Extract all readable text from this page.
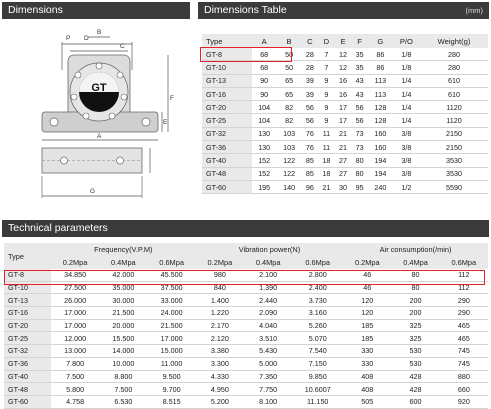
Dimensions	Dimensions Table	(mm)
Technical parameters
GT
P D
B
C
E
F
A
G
Type	A	B	C	D	E	F	G	P/O	Weight(g)
GT-8	68	50	28	7	12	35	86	1/8	280
GT-10	68	50	28	7	12	35	86	1/8	280
GT-13	90	65	39	9	16	43	113	1/4	610
GT-16	90	65	39	9	16	43	113	1/4	610
GT-20	104	82	56	9	17	56	128	1/4	1120
GT-25	104	82	56	9	17	56	128	1/4	1120
GT-32	130	103	76	11	21	73	160	3/8	2150
GT-36	130	103	76	11	21	73	160	3/8	2150
GT-40	152	122	85	18	27	80	194	3/8	3530
GT-48	152	122	85	18	27	80	194	3/8	3530
GT-60	195	140	96	21	30	95	240	1/2	5590
Type	Frequency(V.P.M)			Vibration power(N)			Air consumption(/min)		
	0.2Mpa	0.4Mpa	0.6Mpa	0.2Mpa	0.4Mpa	0.6Mpa	0.2Mpa	0.4Mpa	0.6Mpa
GT-8	34.850	42.000	45.500	980	2.100	2.800	46	80	112
GT-10	27.500	35.000	37.500	840	1.390	2.400	46	80	112
GT-13	26.000	30.000	33.000	1.400	2.440	3.730	120	200	290
GT-16	17.000	21.500	24.000	1.220	2.090	3.160	120	200	290
GT-20	17.000	20.000	21.500	2.170	4.040	5.260	185	325	465
GT-25	12.000	15.500	17.000	2.120	3.510	5.070	185	325	465
GT-32	13.000	14.000	15.000	3.380	5.430	7.540	330	530	745
GT-36	7.800	10.000	11.000	3.300	5.000	7.150	330	530	745
GT-40	7.500	8.800	9.500	4.330	7.350	9.850	408	428	880
GT-48	5.800	7.500	9.700	4.950	7.750	10.6007	408	428	660
GT-60	4.758	6.530	8.515	5.200	8.100	11.150	505	600	920
